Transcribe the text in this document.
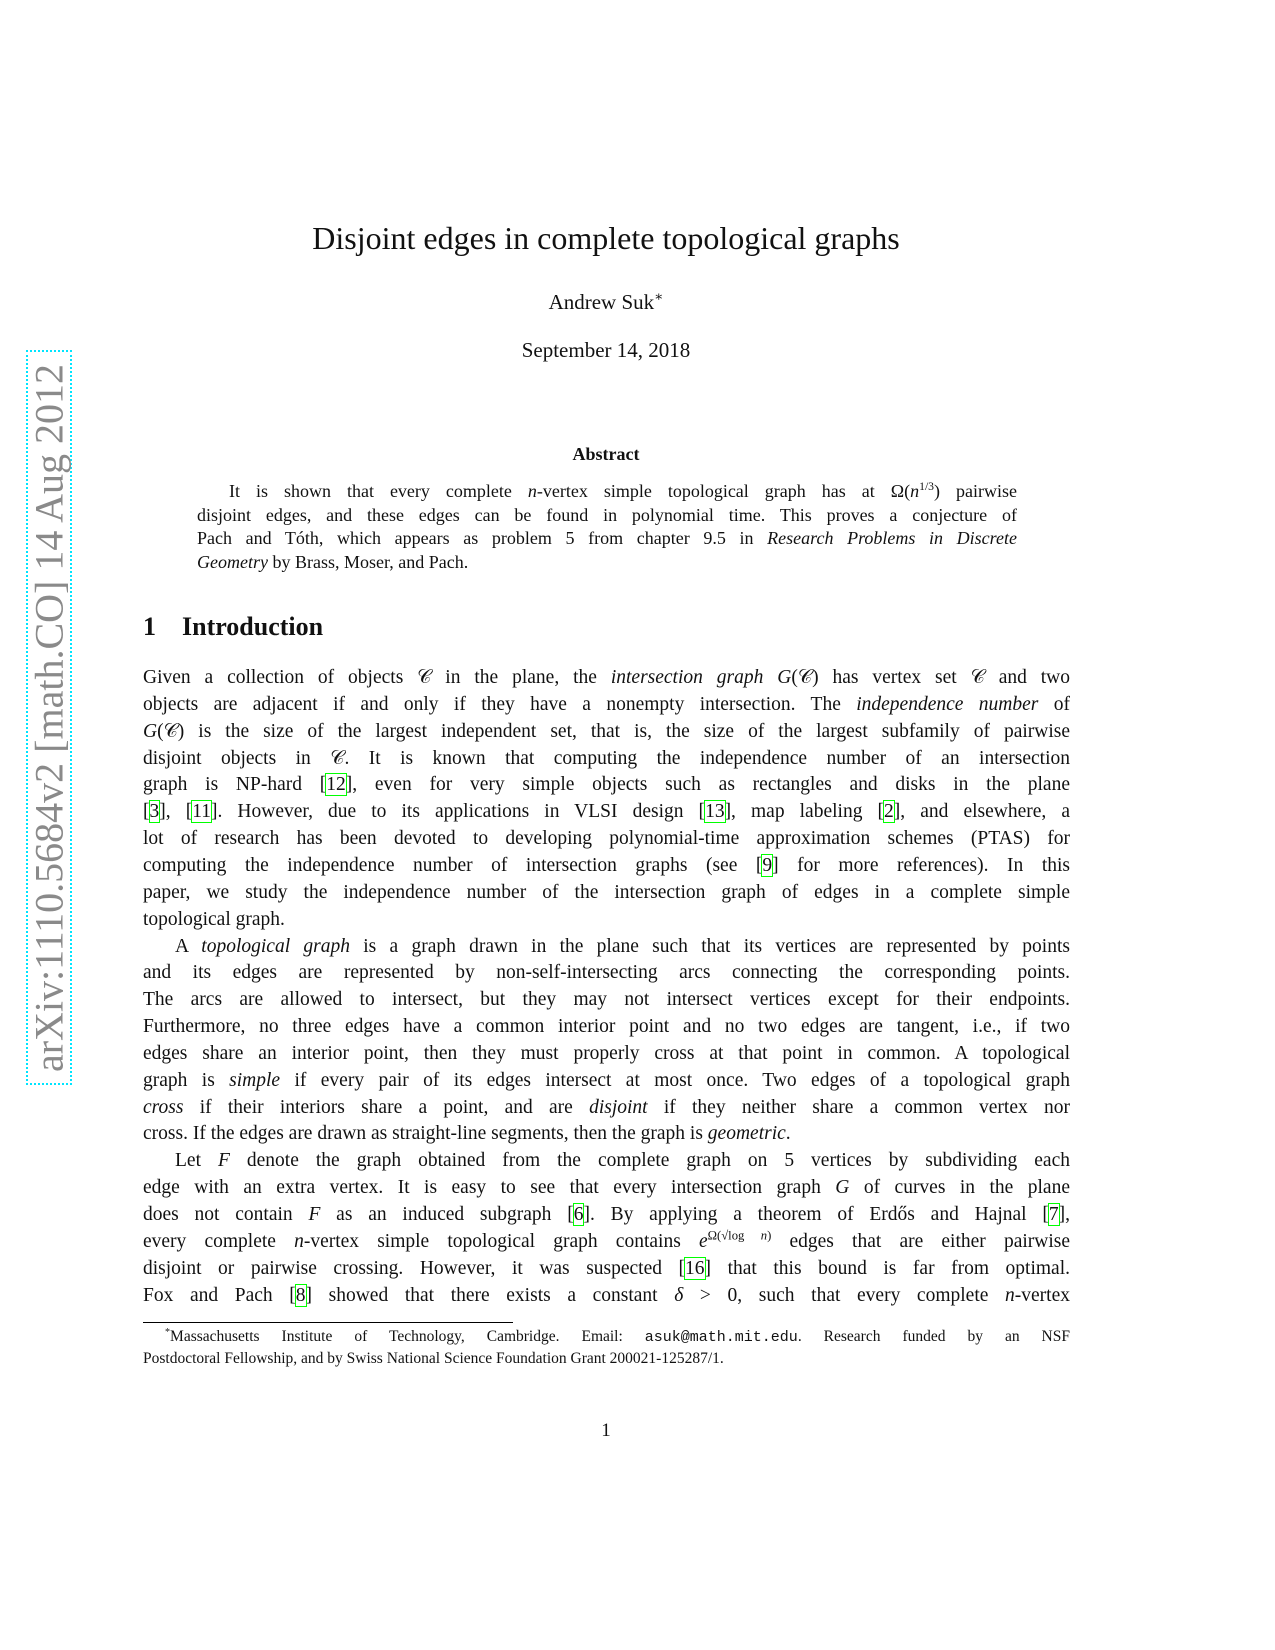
arXiv:1110.5684v2 [math.CO] 14 Aug 2012
Disjoint edges in complete topological graphs
Andrew Suk∗
September 14, 2018
Abstract
It is shown that every complete n-vertex simple topological graph has at $\Omega(n^{1/3})$ pairwise
disjoint edges, and these edges can be found in polynomial time. This proves a conjecture of
Pach and Tóth, which appears as problem 5 from chapter 9.5 in Research Problems in Discrete
Geometry by Brass, Moser, and Pach.
1    Introduction
Given a collection of objects 𝒞 in the plane, the intersection graph G(𝒞) has vertex set 𝒞 and two
objects are adjacent if and only if they have a nonempty intersection. The independence number of
G(𝒞) is the size of the largest independent set, that is, the size of the largest subfamily of pairwise
disjoint objects in 𝒞. It is known that computing the independence number of an intersection
graph is NP-hard [12], even for very simple objects such as rectangles and disks in the plane
[3], [11]. However, due to its applications in VLSI design [13], map labeling [2], and elsewhere, a
lot of research has been devoted to developing polynomial-time approximation schemes (PTAS) for
computing the independence number of intersection graphs (see [9] for more references). In this
paper, we study the independence number of the intersection graph of edges in a complete simple
topological graph.
A topological graph is a graph drawn in the plane such that its vertices are represented by points
and its edges are represented by non-self-intersecting arcs connecting the corresponding points.
The arcs are allowed to intersect, but they may not intersect vertices except for their endpoints.
Furthermore, no three edges have a common interior point and no two edges are tangent, i.e., if two
edges share an interior point, then they must properly cross at that point in common. A topological
graph is simple if every pair of its edges intersect at most once. Two edges of a topological graph
cross if their interiors share a point, and are disjoint if they neither share a common vertex nor
cross. If the edges are drawn as straight-line segments, then the graph is geometric.
Let F denote the graph obtained from the complete graph on 5 vertices by subdividing each
edge with an extra vertex. It is easy to see that every intersection graph G of curves in the plane
does not contain F as an induced subgraph [6]. By applying a theorem of Erdős and Hajnal [7],
every complete n-vertex simple topological graph contains $e^{\Omega(√log n)}$ edges that are either pairwise
disjoint or pairwise crossing. However, it was suspected [16] that this bound is far from optimal.
Fox and Pach [8] showed that there exists a constant δ > 0, such that every complete n-vertex
*Massachusetts Institute of Technology, Cambridge. Email: asuk@math.mit.edu. Research funded by an NSF
Postdoctoral Fellowship, and by Swiss National Science Foundation Grant 200021-125287/1.
1
